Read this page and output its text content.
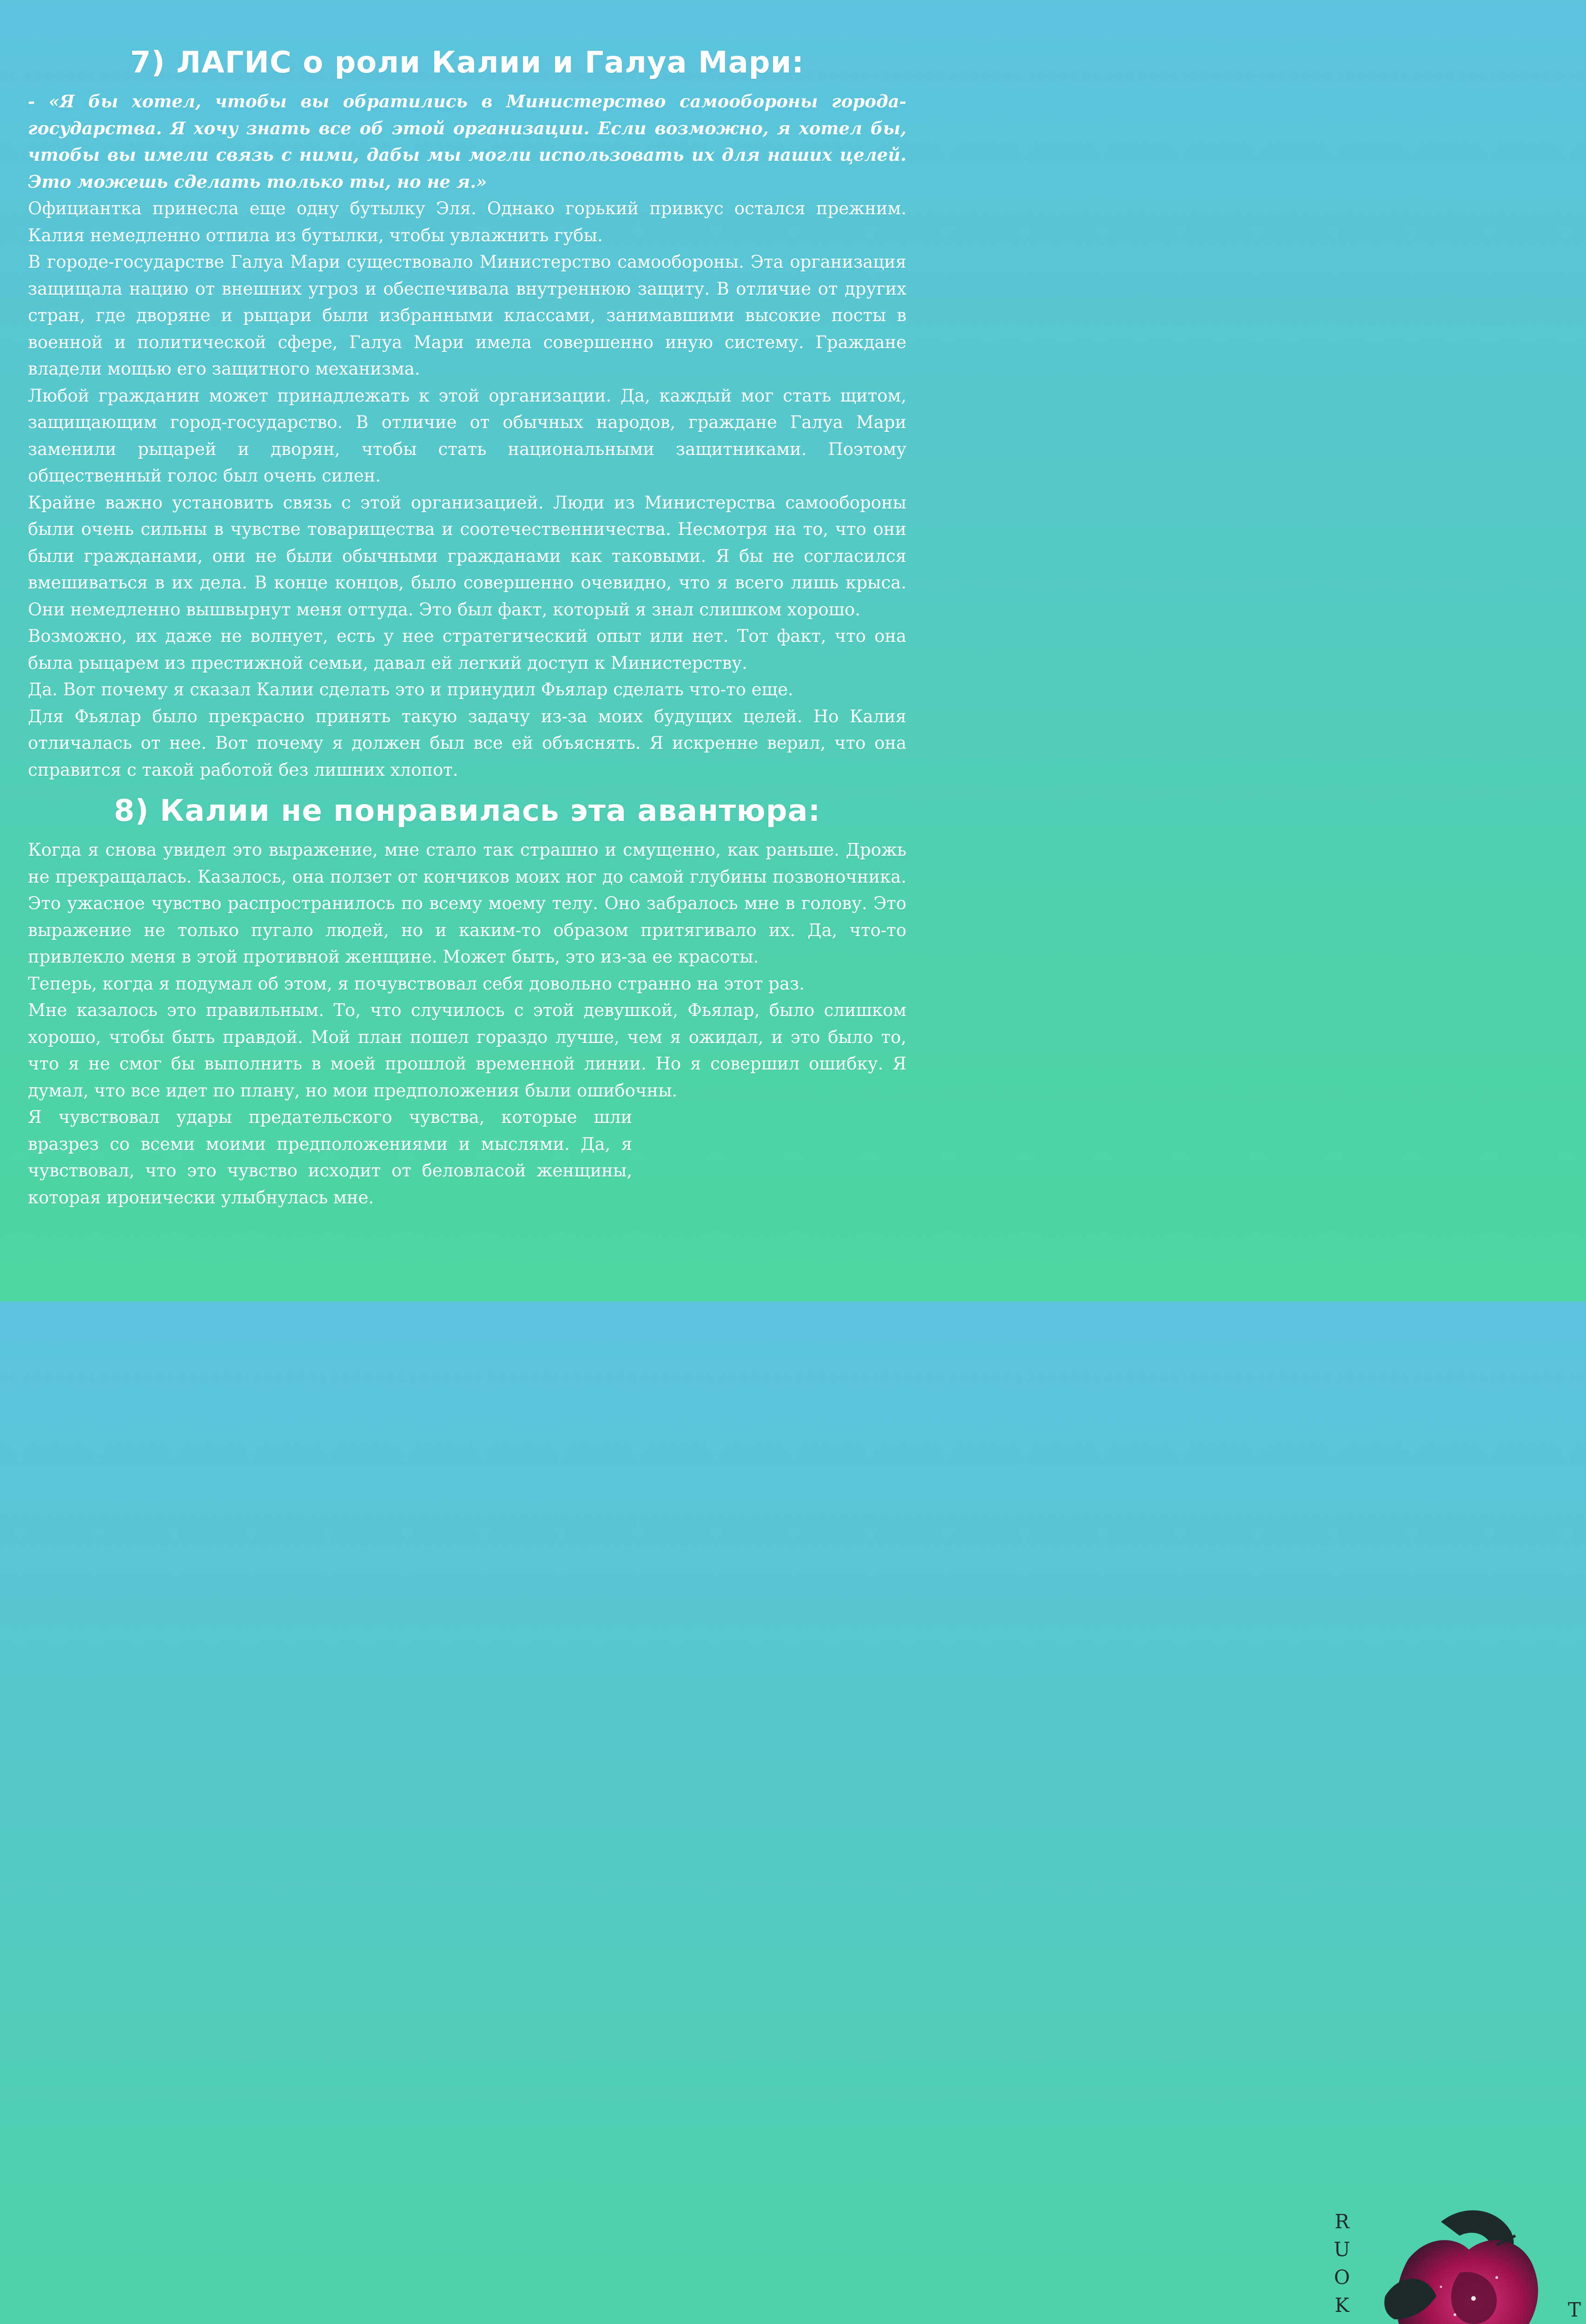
7) ЛАГИС о роли Калии и Галуа Мари:

- «Я бы хотел, чтобы вы обратились в Министерство самообороны города-государства. Я хочу знать все об этой организации. Если возможно, я хотел бы, чтобы вы имели связь с ними, дабы мы могли использовать их для наших целей. Это можешь сделать только ты, но не я.»

Официантка принесла еще одну бутылку Эля. Однако горький привкус остался прежним. Калия немедленно отпила из бутылки, чтобы увлажнить губы.

В городе-государстве Галуа Мари существовало Министерство самообороны. Эта организация защищала нацию от внешних угроз и обеспечивала внутреннюю защиту. В отличие от других стран, где дворяне и рыцари были избранными классами, занимавшими высокие посты в военной и политической сфере, Галуа Мари имела совершенно иную систему. Граждане владели мощью его защитного механизма.

Любой гражданин может принадлежать к этой организации. Да, каждый мог стать щитом, защищающим город-государство. В отличие от обычных народов, граждане Галуа Мари заменили рыцарей и дворян, чтобы стать национальными защитниками. Поэтому общественный голос был очень силен.

Крайне важно установить связь с этой организацией. Люди из Министерства самообороны были очень сильны в чувстве товарищества и соотечественничества. Несмотря на то, что они были гражданами, они не были обычными гражданами как таковыми. Я бы не согласился вмешиваться в их дела. В конце концов, было совершенно очевидно, что я всего лишь крыса. Они немедленно вышвырнут меня оттуда. Это был факт, который я знал слишком хорошо.

Возможно, их даже не волнует, есть у нее стратегический опыт или нет. Тот факт, что она была рыцарем из престижной семьи, давал ей легкий доступ к Министерству.

Да. Вот почему я сказал Калии сделать это и принудил Фьялар сделать что-то еще.

Для Фьялар было прекрасно принять такую задачу из-за моих будущих целей. Но Калия отличалась от нее. Вот почему я должен был все ей объяснять. Я искренне верил, что она справится с такой работой без лишних хлопот.

8) Калии не понравилась эта авантюра:

Когда я снова увидел это выражение, мне стало так страшно и смущенно, как раньше. Дрожь не прекращалась. Казалось, она ползет от кончиков моих ног до самой глубины позвоночника. Это ужасное чувство распространилось по всему моему телу. Оно забралось мне в голову. Это выражение не только пугало людей, но и каким-то образом притягивало их. Да, что-то привлекло меня в этой противной женщине. Может быть, это из-за ее красоты.

Теперь, когда я подумал об этом, я почувствовал себя довольно странно на этот раз.

Мне казалось это правильным. То, что случилось с этой девушкой, Фьялар, было слишком хорошо, чтобы быть правдой. Мой план пошел гораздо лучше, чем я ожидал, и это было то, что я не смог бы выполнить в моей прошлой временной линии. Но я совершил ошибку. Я думал, что все идет по плану, но мои предположения были ошибочны.

Я чувствовал удары предательского чувства, которые шли вразрез со всеми моими предположениями и мыслями. Да, я чувствовал, что это чувство исходит от беловласой женщины, которая иронически улыбнулась мне.

R
U
O
K	T
